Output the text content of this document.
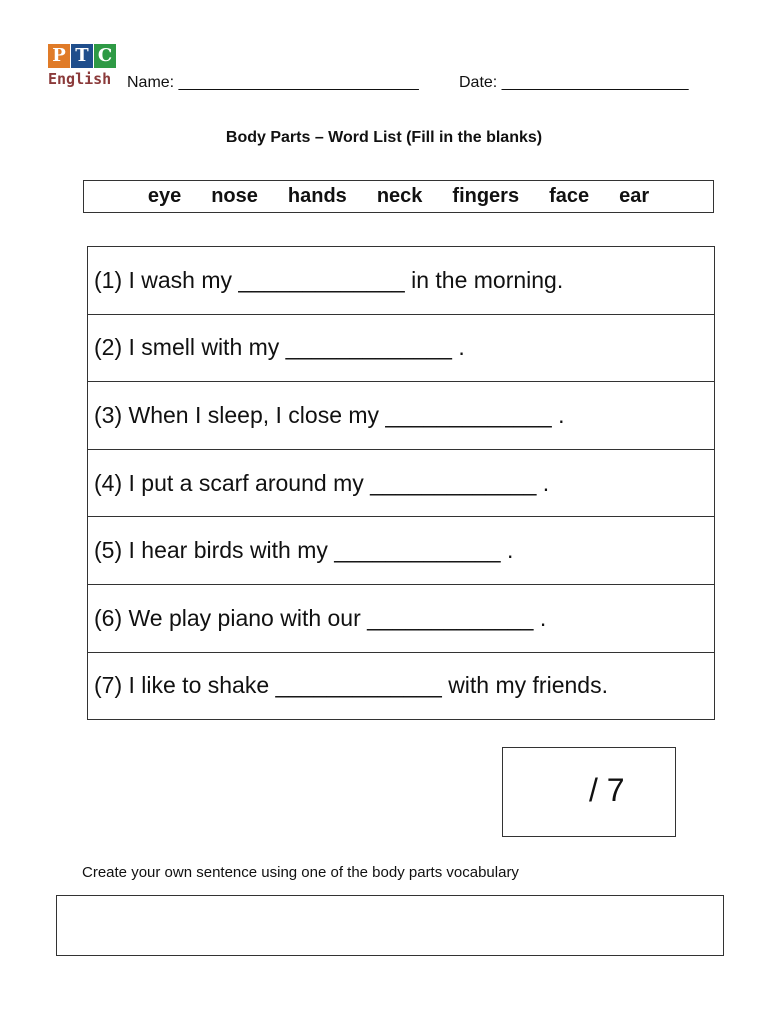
P T C
English Name: ___________________________	Date: _____________________
Body Parts – Word List (Fill in the blanks)
eye nose hands neck fingers face ear
(1) I wash my _____________ in the morning.
(2) I smell with my _____________ .
(3) When I sleep, I close my _____________ .
(4) I put a scarf around my _____________ .
(5) I hear birds with my _____________ .
(6) We play piano with our _____________ .
(7) I like to shake _____________ with my friends.
/ 7
Create your own sentence using one of the body parts vocabulary
